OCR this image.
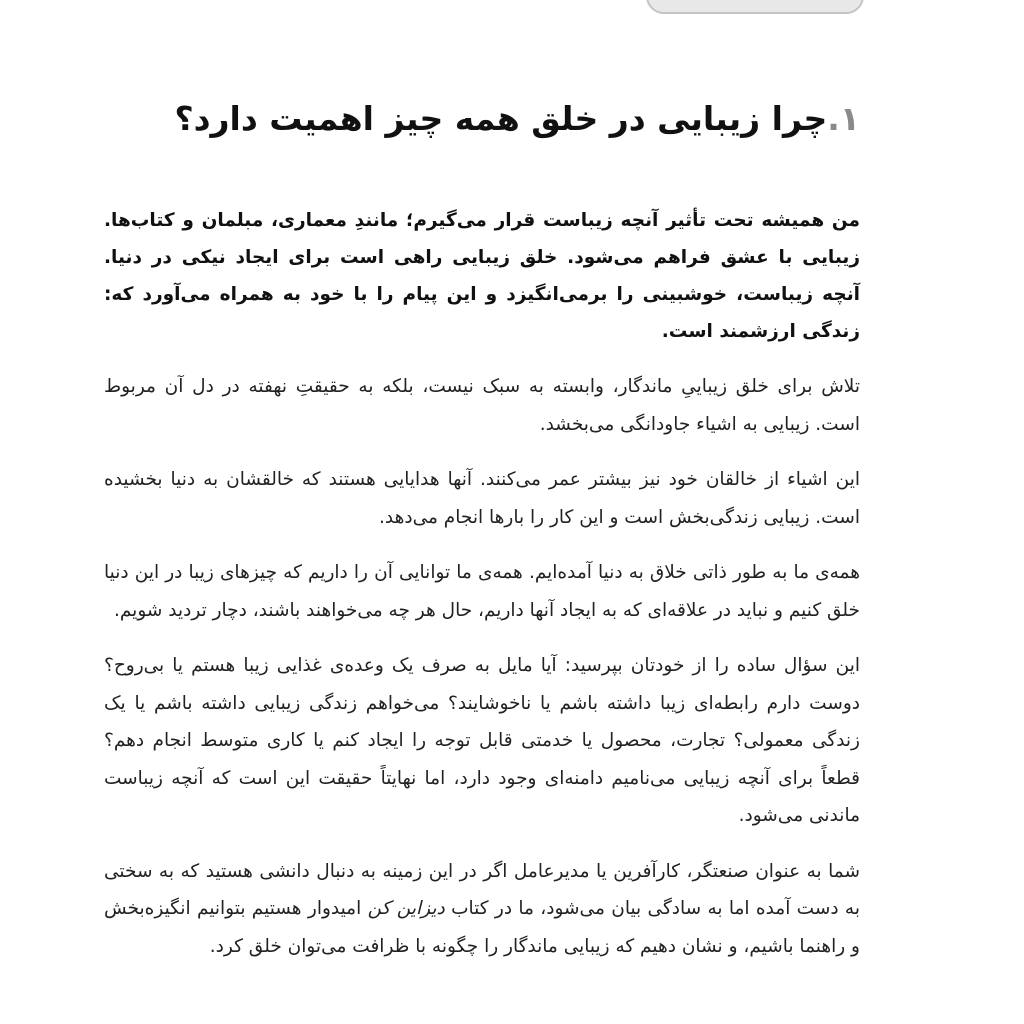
۱.چرا زیبایی در خلق همه چیز اهمیت دارد؟

من همیشه تحت تأثیر آنچه زیباست قرار می‌گیرم؛ مانندِ معماری، مبلمان و کتاب‌ها. زیبایی با عشق فراهم می‌شود. خلق زیبایی راهی است برای ایجاد نیکی در دنیا. آنچه زیباست، خوشبینی را برمی‌انگیزد و این پیام را با خود به همراه می‌آورد که: زندگی ارزشمند است.

تلاش برای خلق زیباییِ ماندگار، وابسته به سبک نیست، بلکه به حقیقتِ نهفته در دل آن مربوط است. زیبایی به اشیاء جاودانگی می‌بخشد.

این اشیاء از خالقان خود نیز بیشتر عمر می‌کنند. آنها هدایایی هستند که خالقشان به دنیا بخشیده است. زیبایی زندگی‌بخش است و این کار را بارها انجام می‌دهد.

همه‌ی ما به طور ذاتی خلاق به دنیا آمده‌ایم. همه‌ی ما توانایی آن را داریم که چیزهای زیبا در این دنیا خلق کنیم و نباید در علاقه‌ای که به ایجاد آنها داریم، حال هر چه می‌خواهند باشند، دچار تردید شویم.

این سؤال ساده را از خودتان بپرسید: آیا مایل به صرف یک وعده‌ی غذایی زیبا هستم یا بی‌روح؟ دوست دارم رابطه‌ای زیبا داشته باشم یا ناخوشایند؟ می‌خواهم زندگی زیبایی داشته باشم یا یک زندگی معمولی؟ تجارت، محصول یا خدمتی قابل توجه را ایجاد کنم یا کاری متوسط انجام دهم؟ قطعاً برای آنچه زیبایی می‌نامیم دامنه‌ای وجود دارد، اما نهایتاً حقیقت این است که آنچه زیباست ماندنی می‌شود.

شما به عنوان صنعتگر، کارآفرین یا مدیرعامل اگر در این زمینه به دنبال دانشی هستید که به سختی به دست آمده اما به سادگی بیان می‌شود، ما در کتاب دیزاین کن امیدوار هستیم بتوانیم انگیزه‌بخش و راهنما باشیم، و نشان دهیم که زیبایی ماندگار را چگونه با ظرافت می‌توان خلق کرد.
